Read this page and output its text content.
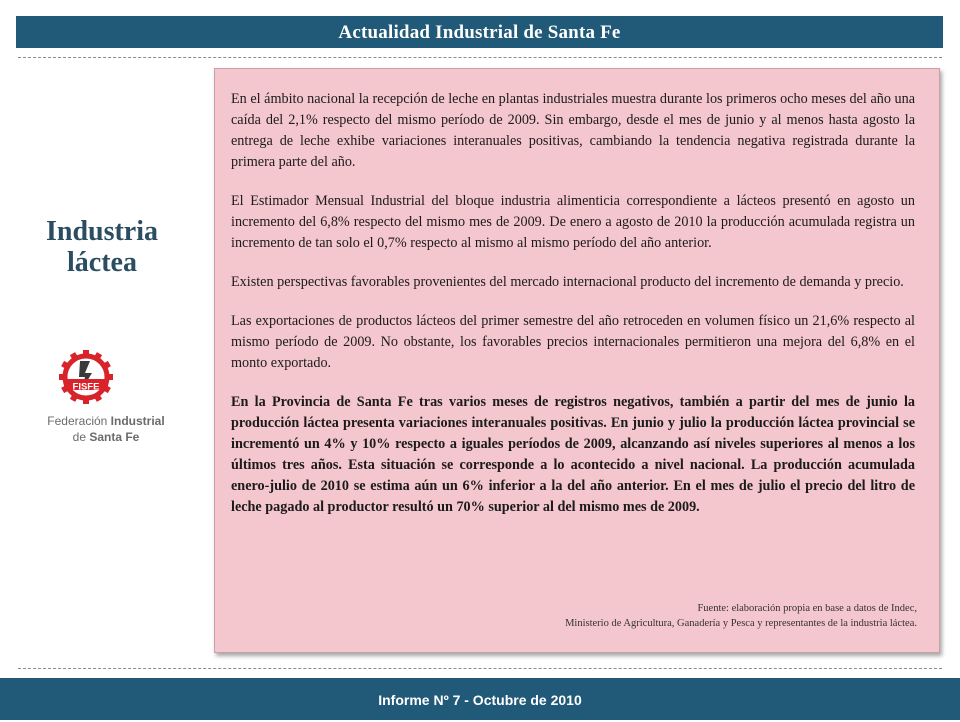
Actualidad Industrial de Santa Fe
Industria
láctea
FISFE
Federación Industrial
de Santa Fe

En el ámbito nacional la recepción de leche en plantas industriales muestra durante los primeros ocho meses del año una caída del 2,1% respecto del mismo período de 2009. Sin embargo, desde el mes de junio y al menos hasta agosto la entrega de leche exhibe variaciones interanuales positivas, cambiando la tendencia negativa registrada durante la primera parte del año.

El Estimador Mensual Industrial del bloque industria alimenticia correspondiente a lácteos presentó en agosto un incremento del 6,8% respecto del mismo mes de 2009. De enero a agosto de 2010 la producción acumulada registra un incremento de tan solo el 0,7% respecto al mismo al mismo período del año anterior.

Existen perspectivas favorables provenientes del mercado internacional producto del incremento de demanda y precio.

Las exportaciones de productos lácteos del primer semestre del año retroceden en volumen físico un 21,6% respecto al mismo período de 2009. No obstante, los favorables precios internacionales permitieron una mejora del 6,8% en el monto exportado.

En la Provincia de Santa Fe tras varios meses de registros negativos, también a partir del mes de junio la producción láctea presenta variaciones interanuales positivas. En junio y julio la producción láctea provincial se incrementó un 4% y 10% respecto a iguales períodos de 2009, alcanzando así niveles superiores al menos a los últimos tres años. Esta situación se corresponde a lo acontecido a nivel nacional. La producción acumulada enero-julio de 2010 se estima aún un 6% inferior a la del año anterior. En el mes de julio el precio del litro de leche pagado al productor resultó un 70% superior al del mismo mes de 2009.

Fuente: elaboración propia en base a datos de Indec,
Ministerio de Agricultura, Ganadería y Pesca y representantes de la industria láctea.
Informe Nº 7 - Octubre de 2010
